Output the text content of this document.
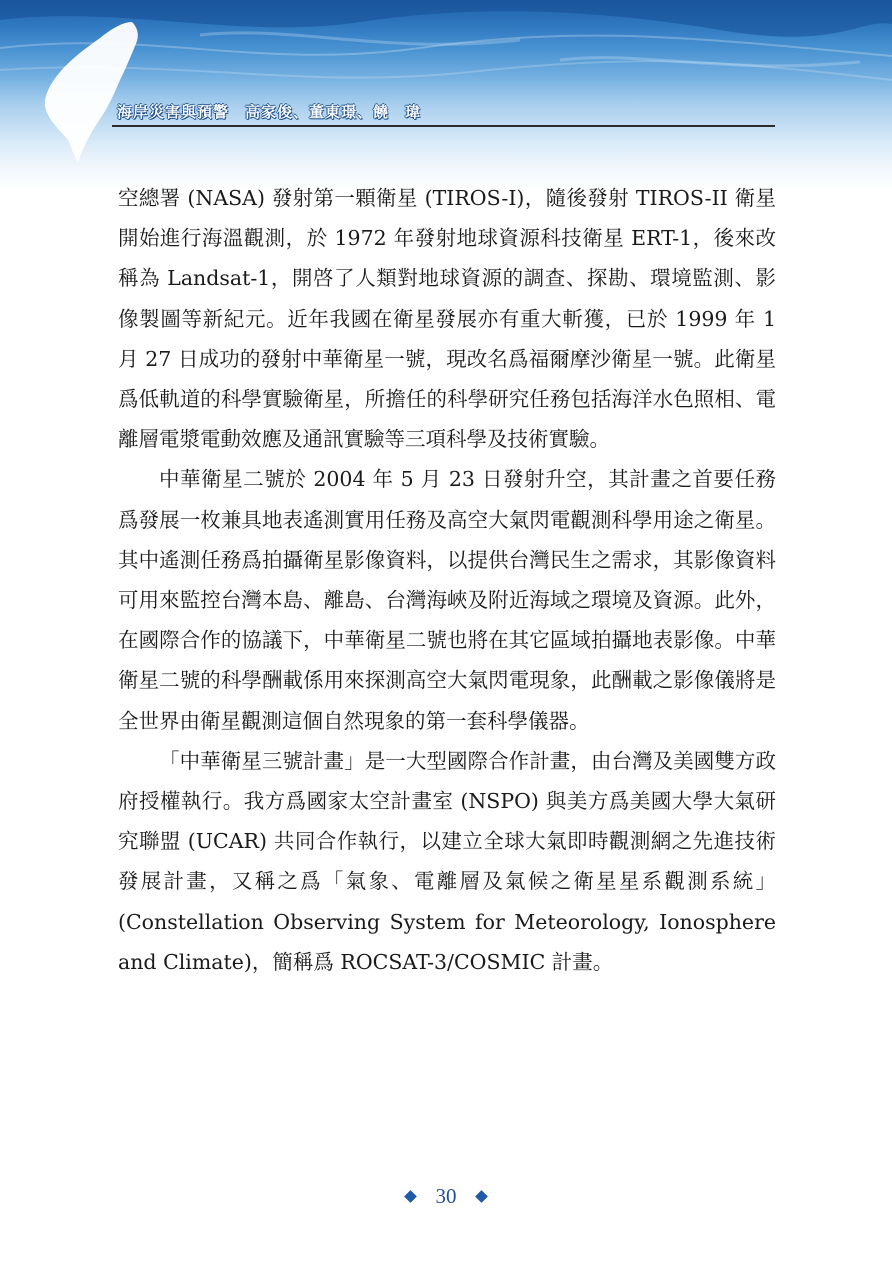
海岸災害與預警　高家俊、董東璟、饒　瑋

空總署 (NASA) 發射第一顆衛星 (TIROS-I)，隨後發射 TIROS-II 衛星開始進行海溫觀測，於 1972 年發射地球資源科技衛星 ERT-1，後來改稱為 Landsat-1，開啓了人類對地球資源的調查、探勘、環境監測、影像製圖等新紀元。近年我國在衛星發展亦有重大斬獲，已於 1999 年 1 月 27 日成功的發射中華衛星一號，現改名爲福爾摩沙衛星一號。此衛星爲低軌道的科學實驗衛星，所擔任的科學研究任務包括海洋水色照相、電離層電漿電動效應及通訊實驗等三項科學及技術實驗。

中華衛星二號於 2004 年 5 月 23 日發射升空，其計畫之首要任務爲發展一枚兼具地表遙測實用任務及高空大氣閃電觀測科學用途之衛星。其中遙測任務爲拍攝衛星影像資料，以提供台灣民生之需求，其影像資料可用來監控台灣本島、離島、台灣海峽及附近海域之環境及資源。此外，在國際合作的協議下，中華衛星二號也將在其它區域拍攝地表影像。中華衛星二號的科學酬載係用來探測高空大氣閃電現象，此酬載之影像儀將是全世界由衛星觀測這個自然現象的第一套科學儀器。

「中華衛星三號計畫」是一大型國際合作計畫，由台灣及美國雙方政府授權執行。我方爲國家太空計畫室 (NSPO) 與美方爲美國大學大氣研究聯盟 (UCAR) 共同合作執行，以建立全球大氣即時觀測網之先進技術發展計畫，又稱之爲「氣象、電離層及氣候之衛星星系觀測系統」(Constellation Observing System for Meteorology, Ionosphere and Climate)，簡稱爲 ROCSAT-3/COSMIC 計畫。

30
